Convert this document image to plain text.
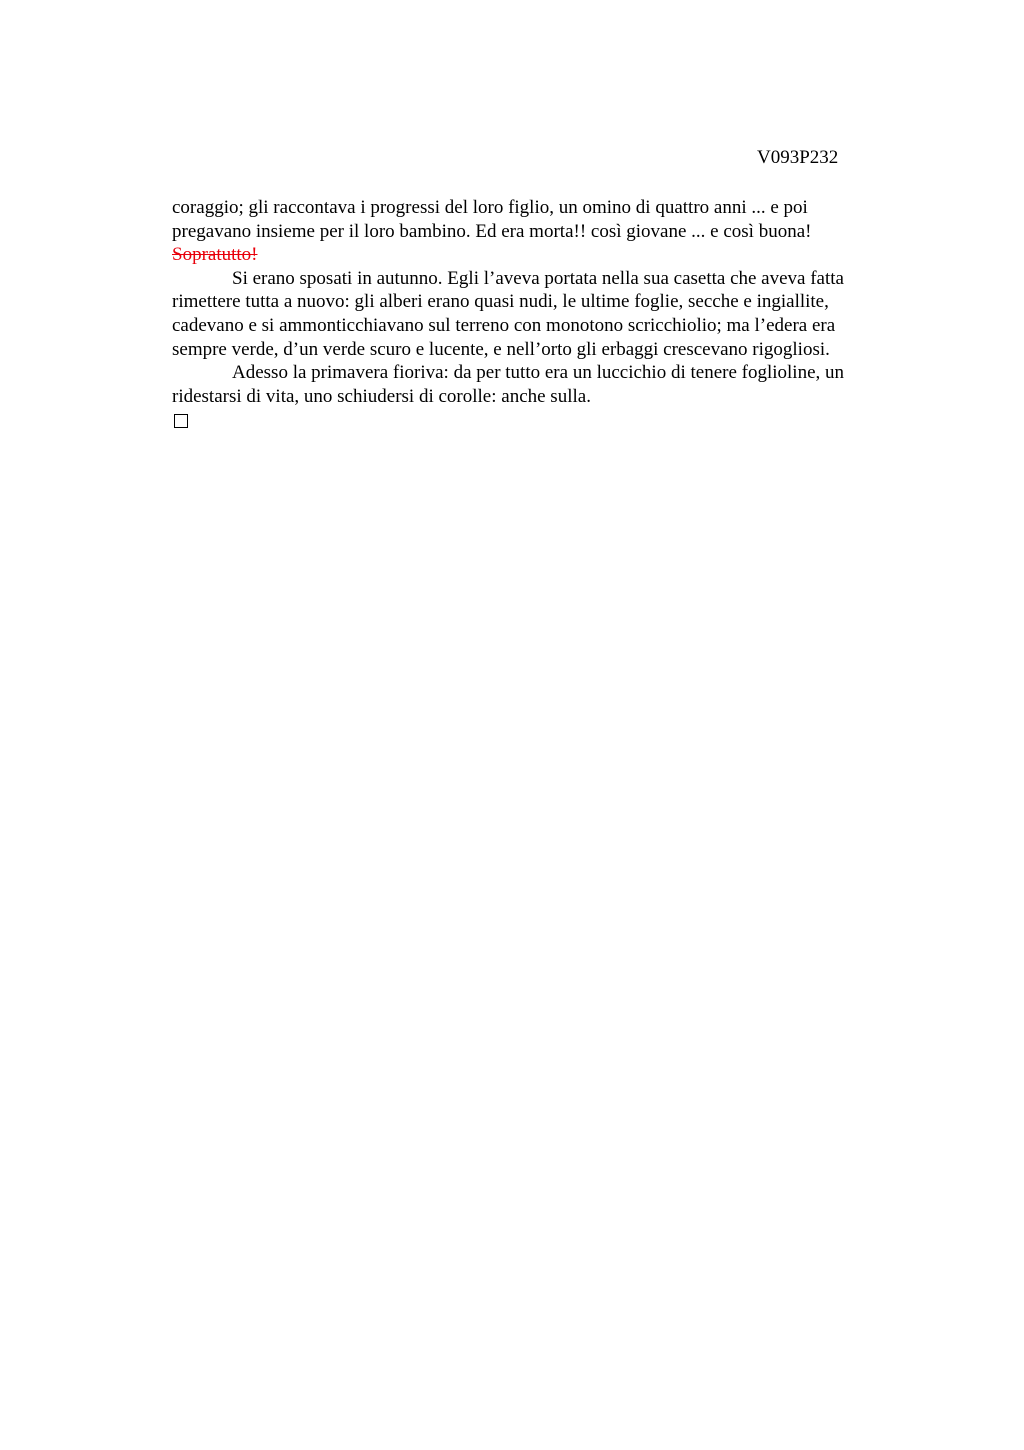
V093P232
coraggio; gli raccontava i progressi del loro figlio, un omino di quattro anni ... e poi
pregavano insieme per il loro bambino. Ed era morta!! così giovane ... e così buona!
Sopratutto!
Si erano sposati in autunno. Egli l’aveva portata nella sua casetta che aveva fatta
rimettere tutta a nuovo: gli alberi erano quasi nudi, le ultime foglie, secche e ingiallite,
cadevano e si ammonticchiavano sul terreno con monotono scricchiolio; ma l’edera era
sempre verde, d’un verde scuro e lucente, e nell’orto gli erbaggi crescevano rigogliosi.
Adesso la primavera fioriva: da per tutto era un luccichio di tenere foglioline, un
ridestarsi di vita, uno schiudersi di corolle: anche sulla.
